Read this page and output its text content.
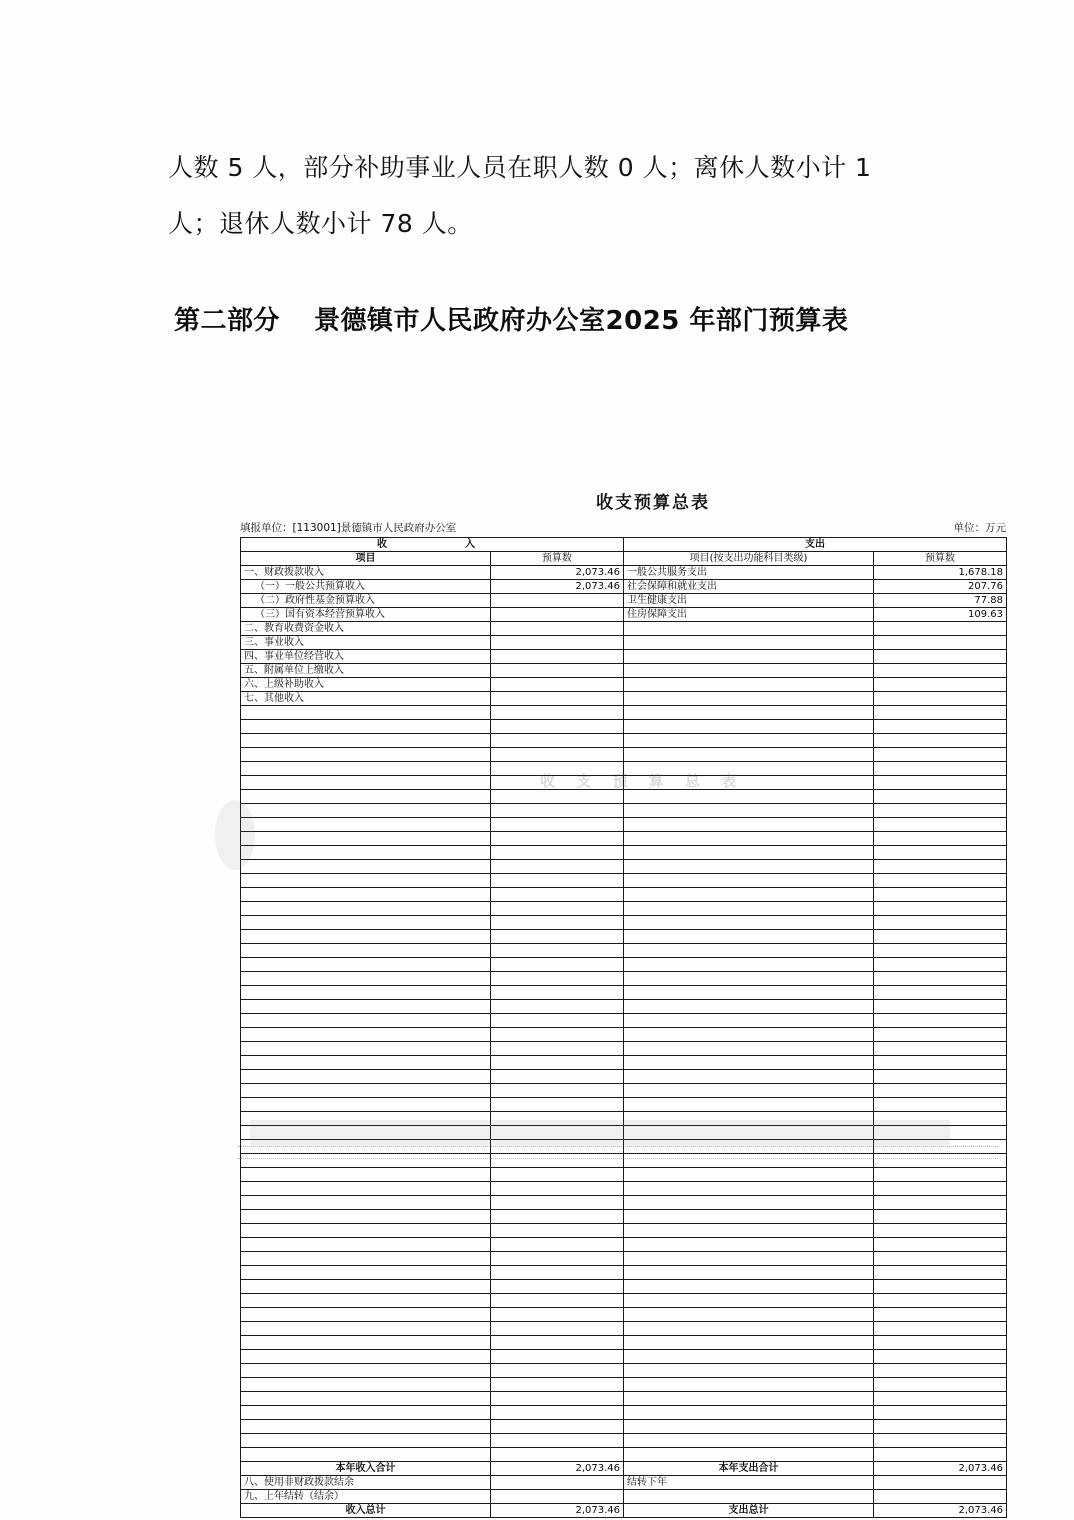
人数 5 人，部分补助事业人员在职人数 0 人；离休人数小计 1 人；退休人数小计 78 人。
第二部分 景德镇市人民政府办公室2025 年部门预算表
收支预算总表
填报单位：[113001]景德镇市人民政府办公室	单位：万元
收　　　入		支出	
项目	预算数	项目(按支出功能科目类级)	预算数
一、财政拨款收入	2,073.46	一般公共服务支出	1,678.18
（一）一般公共预算收入	2,073.46	社会保障和就业支出	207.76
（二）政府性基金预算收入		卫生健康支出	77.88
（三）国有资本经营预算收入		住房保障支出	109.63
二、教育收费资金收入			
三、事业收入			
四、事业单位经营收入			
五、附属单位上缴收入			
六、上级补助收入			
七、其他收入			

本年收入合计	2,073.46	本年支出合计	2,073.46
八、使用非财政拨款结余		结转下年	
九、上年结转（结余）			
收入总计	2,073.46	支出总计	2,073.46
收 支 预 算 总 表
